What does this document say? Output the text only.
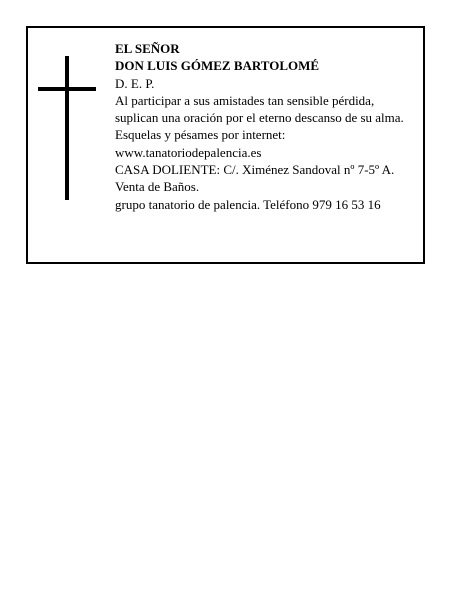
EL SEÑOR
DON LUIS GÓMEZ BARTOLOMÉ
D. E. P.
Al participar a sus amistades tan sensible pérdida,
suplican una oración por el eterno descanso de su alma.
Esquelas y pésames por internet:
www.tanatoriodepalencia.es
CASA DOLIENTE: C/. Ximénez Sandoval nº 7-5º A.
Venta de Baños.
grupo tanatorio de palencia. Teléfono 979 16 53 16
